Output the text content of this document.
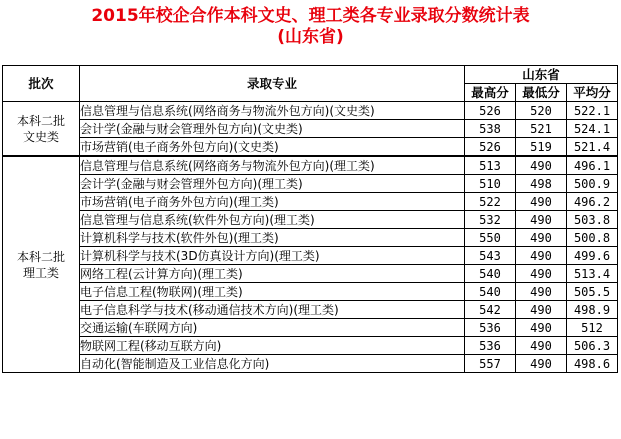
2015年校企合作本科文史、理工类各专业录取分数统计表
(山东省)
批次	录取专业	山东省		
		最高分	最低分	平均分

本科二批
文史类	信息管理与信息系统(网络商务与物流外包方向)(文史类)	526	520	522.1
	会计学(金融与财会管理外包方向)(文史类)	538	521	524.1
	市场营销(电子商务外包方向)(文史类)	526	519	521.4

本科二批
理工类	信息管理与信息系统(网络商务与物流外包方向)(理工类)	513	490	496.1
	会计学(金融与财会管理外包方向)(理工类)	510	498	500.9
	市场营销(电子商务外包方向)(理工类)	522	490	496.2
	信息管理与信息系统(软件外包方向)(理工类)	532	490	503.8
	计算机科学与技术(软件外包)(理工类)	550	490	500.8
	计算机科学与技术(3D仿真设计方向)(理工类)	543	490	499.6
	网络工程(云计算方向)(理工类)	540	490	513.4
	电子信息工程(物联网)(理工类)	540	490	505.5
	电子信息科学与技术(移动通信技术方向)(理工类)	542	490	498.9
	交通运输(车联网方向)	536	490	512
	物联网工程(移动互联方向)	536	490	506.3
	自动化(智能制造及工业信息化方向)	557	490	498.6
